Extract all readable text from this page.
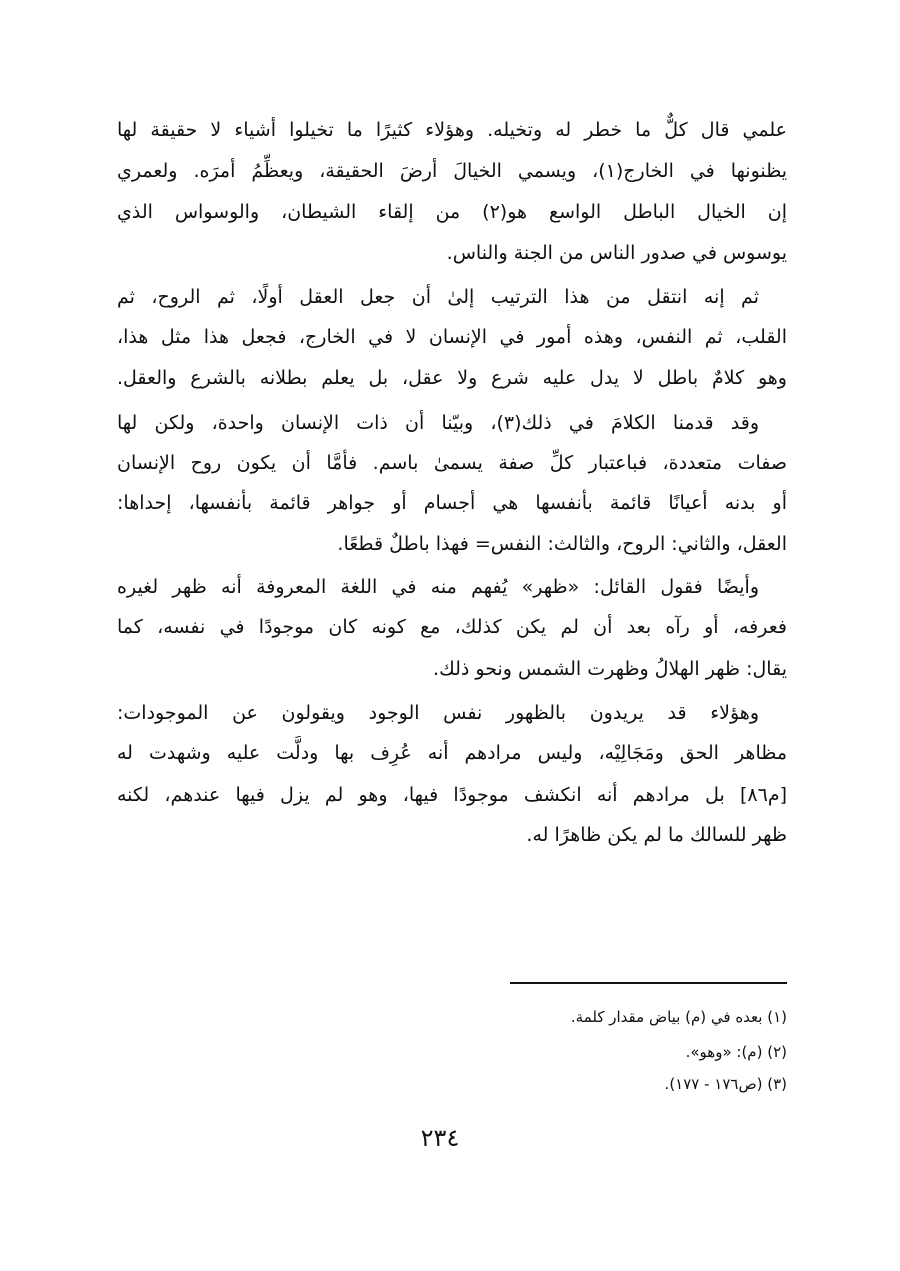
علمي قال كلٌّ ما خطر له وتخيله. وهؤلاء كثيرًا ما تخيلوا أشياء لا حقيقة لها
يظنونها في الخارج(١)، ويسمي الخيالَ أرضَ الحقيقة، ويعظِّمُ أمرَه. ولعمري
إن الخيال الباطل الواسع هو(٢) من إلقاء الشيطان، والوسواس الذي
يوسوس في صدور الناس من الجنة والناس.
ثم إنه انتقل من هذا الترتيب إلىٰ أن جعل العقل أولًا، ثم الروح، ثم
القلب، ثم النفس، وهذه أمور في الإنسان لا في الخارج، فجعل هذا مثل هذا،
وهو كلامٌ باطل لا يدل عليه شرع ولا عقل، بل يعلم بطلانه بالشرع والعقل.
وقد قدمنا الكلامَ في ذلك(٣)، وبيّنا أن ذات الإنسان واحدة، ولكن لها
صفات متعددة، فباعتبار كلِّ صفة يسمىٰ باسم. فأمَّا أن يكون روح الإنسان
أو بدنه أعيانًا قائمة بأنفسها هي أجسام أو جواهر قائمة بأنفسها، إحداها:
العقل، والثاني: الروح، والثالث: النفس= فهذا باطلٌ قطعًا.
وأيضًا فقول القائل: «ظهر» يُفهم منه في اللغة المعروفة أنه ظهر لغيره
فعرفه، أو رآه بعد أن لم يكن كذلك، مع كونه كان موجودًا في نفسه، كما
يقال: ظهر الهلالُ وظهرت الشمس ونحو ذلك.
وهؤلاء قد يريدون بالظهور نفس الوجود ويقولون عن الموجودات:
مظاهر الحق ومَجَالِيْه، وليس مرادهم أنه عُرِف بها ودلَّت عليه وشهدت له
[م٨٦] بل مرادهم أنه انكشف موجودًا فيها، وهو لم يزل فيها عندهم، لكنه
ظهر للسالك ما لم يكن ظاهرًا له.
(١) بعده في (م) بياض مقدار كلمة.
(٢) (م): «وهو».
(٣) (ص١٧٦ - ١٧٧).
٢٣٤
